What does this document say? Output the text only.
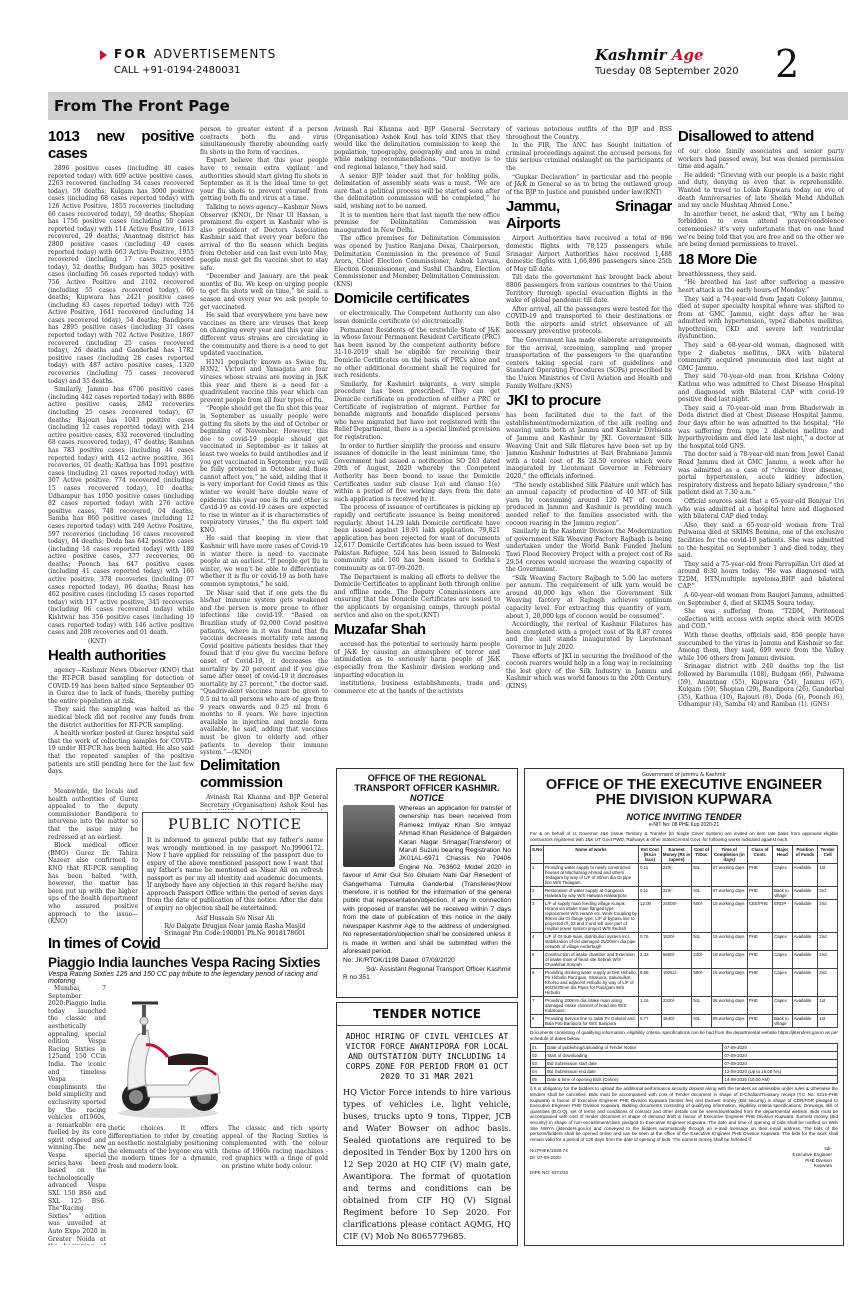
FOR ADVERTISEMENTS
CALL +91-0194-2480031
Kashmir Age
Tuesday 08 September 2020 2
From The Front Page
1013 new positive cases

2896 positive cases (including 40 cases reported today) with 609 active positive cases, 2263 recovered (including 34 cases recovered today), 59 deaths; Kulgam has 3000 positive cases (including 68 cases reported today) with 126 Active Positive, 1855 recoveries (including 66 cases recovered today), 59 deaths; Shopian has 1756 positive cases (including 50 cases reported today) with 114 Active Positive, 1613 recovered, 29 deaths; Anantnag district has 2800 positive cases (including 49 cases reported today) with 663 Active Positive, 1955 recovered (including 17 cases recovered today), 52 deaths; Budgam has 3025 positive cases (including 56 cases reported today) with 756 Active Positive and 2102 recovered (including 55 cases recovered today), 66 deaths; Kupwara has 2421 positive cases (including 83 cases reported today) with 726 Active Positive, 1641 recovered (including 14 cases recovered today), 54 deaths; Bandipora has 2895 positive cases (including 31 cases reported today) with 702 Active Positive, 1867 recovered (including 25 cases recovered today), 26 deaths and Ganderbal has 1782 positive cases (including 28 cases reported today) with 487 active positive cases, 1320 recoveries (including 75 cases recovered today) and 35 deaths.

Similarly, Jammu has 6706 positive cases (including 442 cases reported today) with 8886 active positive cases, 2842 recoveries (including 25 cases recovered today), 67 deaths; Rajouri has 1043 positive cases (including 12 cases reported today) with 214 active positive cases, 832 recovered (including 68 cases recovered today), 47 deaths; Ramban has 783 positive cases (including 44 cases reported today) with 412 active positive, 361 recoveries, 01 death; Kathua has 1091 positive cases (including 21 cases reported today) with 307 Active positive, 774 recovered (including 15 cases recovered today), 10 deaths; Udhampur has 1050 positive cases (including 82 cases reported today) with 276 active positive cases, 748 recovered, 04 deaths; Samba has 860 positive cases (including 12 cases reported today) with 249 Active Positive, 597 recoveries (including 16 cases recovered today), 04 deaths; Doda has 642 positive cases (including 18 cases reported today) with 189 active positive cases, 377 recoveries, 06 deaths; Poonch has 647 positive cases (including 41 cases reported today) with 166 active positive, 378 recoveries (including 07 cases reported today), 06 deaths; Reasi has 462 positive cases (including 15 cases reported today) with 117 active positive, 345 recoveries (including 06 cases recovered today) while Kishtwar has 356 positive cases (including 10 cases reported today) with 146 active positive cases and 208 recoveries and 01 death.

(KNT)

Health authorities

agency—Kashmir News Observer (KNO) that the RT-PCR based sampling for detection of COVID-19 has been halted since September 05 in Gurez due to lack of funds, thereby putting the entire population at risk.

They said the sampling was halted as the medical block did not receive any funds from the district authorities for RT-PCR sampling.

A health worker posted at Gurez hospital said that the work of collecting samples for COVID-19 under RT-PCR has been halted. He also said that the repeated samples of the positive patients are still pending here for the last few days.

Meanwhile, the locals and health authorities of Gurez appealed to the deputy commissioner Bandipora to intervene into the matter so that the issue may be redressed at an earliest.

Block medical officer (BMO) Gurez Dr. Tahira Nazeer also confirmed to KNO that RT-PCR sampling has been halted “with, however, the matter has been put up with the higher ups of the health department who assured positive approach to the issue—(KNO)

In times of Covid
PUBLIC NOTICE
It is informed to general public that my father’s name was wrongly mentioned in my passport No.J9906172. Now I have applied for reissuing of the passport due to expiry of the above mentioned passport now I want that my father’s name be mentioned as Nisar Ali on refresh passport as per my all identity and academic documents. If anybody have any objection in this regard he/she may approach Passport Office within the period of seven days from the date of publication of this notice. After the date of expiry no objection shall be entertained.
Asif Hussain S/o Nisar Ali
R/o Dalgate Drugjan Near jamia Rasha Masjid
Srinagar Pin Code:190001 Ph.No 9018178601

person to greater extent if a person contracts both flu and virus simultaneously thereby abounding early flu shots in the form of vaccines.

Expert believe that this year people have to remain extra vigilant and authorities should start giving flu shots in September as it is the ideal time to get your flu shots to prevent yourself from getting both flu and virus at a time.

Talking to news agency—Kashmir News Observer (KNO), Dr Nisar Ul Hassan, a prominent flu expert in Kashmir who is also president of Doctors Association Kashmir said that every year before the arrival of the flu season which begins from October and can last even into May, people must get flu vaccine shot to stay safe.

“December and January are the peak months of flu. We keep on urging people to get flu shots well on time,” he said. u season and every year we ask people to get vaccinated.

He said that everywhere you have new vaccines as there are viruses that keep on changing every year and this year also different virus strains are circulating in the community and there is a need to get updated vaccination.

H1N1 popularly known as Swine flu, H3N2, Victori and Yamagata are four viruses whose strains are moving in J&K this year and there is a need for a quadrivalent vaccine this year which can prevent people from all four types of flu.

“People should get the flu shot this year in September as usually people were getting flu shots by the end of October or beginning of November. However, this doe to covid-19 people should get vaccinated in September as it takes at least two weeks to build antibodies and if you get vaccinated in September, you will be fully protected in October and flues cannot affect you,” he said, adding that it is very important for Covid times as this winter we would have double wave of epidemic this year one is flu and other is Covid-19 as covid-19 cases are expected to rise in winter as it is characteristics of respiratory viruses,” the flu expert told KNO.

He said that keeping in view that Kashmir will have more cases of Covid-19 in winter there is need to vaccinate people at an earliest. “If people get flu in winter, we won’t be able to differentiate whether it is flu or covid-19 as both have common symptoms,” he said.

Dr Nisar said that if one gets the flu his/her immune system gets weakened and the person is more prone to other infections like covid-19. “Based on Brazilian study of 92,000 Covid positive patients, where in it was found that flu vaccine decreases mortality rate among Covid positive patients besides that they found that if you give flu vaccine before onset of Covid-19, it decreases the mortality by 20 percent and if you give same after onset of covid-19 it decreases mortality by 27 percent,” the doctor said. “Quadrivalent vaccines must be given to 0.5 ml to all persons who are of age from 9 years onwards and 0.25 ml from 6 months to 8 years. We have injection available in injection and nozzle form available, he said, adding that vaccines must be given to elderly and other patients to develop their immune system.”—(KNO)

Delimitation commission

Avinash Rai Khanna and BJP General Secretary (Organisation) Ashok Koul has

Avinash Rai Khanna and BJP General Secretary (Organisation) Ashok Koul has told KINS that they would like the delimitation commission to keep the population, topography, geography and area in mind while making recommendations. “Our motive is to end regional balance,” they had said.

A senior BJP leader said that for holding polls, delimitation of assembly seats was a must. “We are sure that a political process will be started soon after the delimitation commission will be completed,” he said, wishing not to be named.

It is to mention here that last month the new office premise for Delimitation Commission was inaugurated in New Delhi.

The office premises for Delimitation Commission was opened by Justice Ranjana Desai, Chairperson, Delimitation Commission in the presence of Sunil Arora, Chief Election Commissioner, Ashok Lavasa, Election Commissioner, and Sushil Chandra, Election Commissioner and Member, Delimitation Commission.(KNS)

Domicile certificates

or electronically. The Competent Authority can also issue domicile certificate (s) electronically.

Permanent Residents of the erstwhile State of J&K in whose favour Permanent Resident Certificate (PRC) has been issued by the competent authority before 31-10-2019 shall be eligible for receiving their Domicile Certificates on the basis of PRCs alone and no other additional document shall be required for such residents.

Similarly, for Kashmiri migrants, a very simple procedure has been prescribed. They can get Domicile certificate on production of either a PRC or Certificate of registration of migrant. Further for bonafide migrants and bonafide displaced persons who have migrated but have not registered with the Relief Department, there is a special limited provision for registration.

In order to further simplify the process and ensure issuance of domicile in the least minimum time, the Government had issued a notification SO 263 dated 20th of August, 2020 whereby the Competent Authority has been bound to issue the Domicile Certificates under sub clause 1(a) and clause 1(e) within a period of five working days from the date such application is received by it.

The process of issuance of certificates is picking up rapidly and certificate issuance is being monitored regularly. About 14.29 lakh Domicile certificate have been issued against 18.91 lakh application. 79,821 application has been rejected for want of documents 12,617 Domicile Certificates has been issued to West Pakistan Refugee, 524 has been issued to Balmeeki community and 160 has been issued to Gorkha’s community as on 07-09-2020.

The Department is making all efforts to deliver the Domicile Certificates to applicant both through online and offline mode. The Deputy Commissioners are ensuring that the Domicile Certificates are issued to the applicants by organising camps, through postal service and also on the spot.(KNT)

Muzafar Shah

accused has the potential to seriously harm people of J&K by causing an atmosphere of terror and intimidation as to seriously harm people of J&K especially from the Kashmir division working and imparting education in

institutions, business establishments, trade and commerce etc at the hands of the activists

of various notorious outfits of the BJP and RSS throughout the Country.

In the FIR, The ANC has Sought initiation of criminal proceedings against the accused persons for this serious criminal onslaught on the participants of the

“Gupkar Declaration” in particular and the people of J&K in General so as to bring the outlawed group of the BJP to Justice and punished under law.(KNT)

Jammu, Srinagar Airports

Airport Authorities have received a total of 896 domestic flights with 78,125 passengers while Srinagar Airport Authorities have received 1,488 domestic flights with 1,66,896 passengers since 25th of May till date.

Till date the government has brought back about 8806 passengers from various countries to the Union Territory through special evacuation flights in the wake of global pandemic till date.

After arrival, all the passengers were tested for the COVID-19 and transported to their destinations or both the airports amid strict observance of all necessary preventive protocols.

The Government has made elaborate arrangements for the arrival, screening, sampling and proper transportation of the passengers to the quarantine centers taking special care of guidelines and Standard Operating Procedures (SOPs) prescribed by the Union Ministries of Civil Aviation and Health and Family Welfare.(KNS)

JKI to procure

has been facilitated due to the fact of the establishment/modernization of the silk reeling and weaving units both at Jammu and Kashmir Divisions of Jammu and Kashmir by JKI. Government Silk Weaving Unit and Silk filatures have been set up by Jammu Kashmir Industries at Bari Brahmana Jammu with a total cost of Rs 28.50 crores which were inaugurated by Lieutenant Governor in February 2020,” the officials informed.

“The newly established Silk Filature unit which has an annual capacity of production of 40 MT of Silk yarn by consuming around 120 MT of cocoon produced in Jammu and Kashmir is providing much needed relief to the families associated with the cocoon rearing in the Jammu region”.

Similarly in the Kashmir Division the Modernization of government Silk Weaving Factory Rajbagh is being undertaken under the World Bank Funded Jhelum Tawi Flood Recovery Project with a project cost of Rs 29.54 crores would increase the weaving capacity of the Government.

“Silk Weaving Factory Rajbagh to 5.00 lac meters per annum. The requirement of silk yarn would be around 40,000 kgs when the Government Silk Weaving factory at Rajbagh achieves optimum capacity level. For extracting this quantity of yarn, about 1, 20,000 kgs of cocoon would be consumed”.

Accordingly, the revival of Kashmir Filatures has been completed with a project cost of Rs 8.87 crores and the unit stands inaugurated by Lieutenant Governor in July 2020.

These efforts of JKI in securing the livelihood of the cocoon rearers would help in a long way in reclaiming the lost glory of the Silk Industry in Jammu and Kashmir which was world famous in the 20th Century. (KINS)

Disallowed to attend

of our close family associates and senior party workers had passed away, but was denied permission time and again.”

He added: “Grieving with our people is a basic right and duty, denying us even that is reprehensible. Wanted to travel to Lolab Kupwara today on eve of death Anniversaries of late Sheikh Mohd Abdullah and my uncle Mushtaq Ahmed Lone.”

In another tweet, he asked that, “Why am I being forbidden to even attend prayer/condolence ceremonies? it’s very unfortunate that on one hand we’re being told that you are free and on the other we are being denied permissions to travel.

18 More Die

breathlessness, they said.

“He breathed his last after suffering a massive heart attack in the early hours of Monday.”

They said a 74-year-old from Jagati Colony Jammu, died at super specialty hospital where was shifted to from at GMC Jammu, eight days after he was admitted with hypertension, type2 diabetes mellitus, hypothroism, CKD and severe left ventricular dysfunction.

They said a 68-year-old woman, diagnosed with type 2 diabetes mellitus, DKA with bilateral community acquired pneumonia died last night at GMC Jammu.

They said 70-year-old man from Krishna Colony Kathua who was admitted to Chest Disease Hospital and diagnosed with Bilateral CAP with covid-19 positive died last night.

They said a 70-year-old man from Bhaderwah in Doda district died at Chest Disease Hospital Jammu, four days after he was admitted to the hospital. “He was suffering from type 2 diabetes mellitus and hyperthyroidism and died late last night,” a doctor at the hospital told GNS.

The doctor said a 78-year-old man from Jewel Canal Road Jammu died at GMC Jammu, a week after he was admitted as a case of “chronic liver disease, portal hypertension, acute kidney infection, respiratory distress and hepato biliary syndrome,” the patient died at 7.30 a.m.”

Official sources said that a 65-year-old Boniyar Uri who was admitted at a hospital here and diagnosed with bilateral CAP died today.

Also, they said a 65-year-old woman from Tral Pulwama died at SKIMS Bemina, one of the exclusive facilities for the covid-19 patients. She was admitted to the hospital on September 1 and died today, they said.

They said a 75-year-old from Parrapillan Uri died at around 8:30 hours today. “He was diagnosed with T2DM, HTN,multiple myeloma,BHP and bilateral CAP.”

A 60-year-old woman from Raujori Jammu, admitted on September 4, died at SKIMS Soura today.

She was suffering from “T2DM, Peritoneal collection with access with septic shock with MODS and COD.”

With these deaths, officials said, 856 people have succumbed to the virus in Jammu and Kashmir so far. Among them, they said, 699 were from the Valley while 106 others from Jammu division.

Srinagar district with 240 deaths top the list followed by Baramulla (108), Budgam (66), Pulwama (59), Anantnag (55), Kupwara (54), Jammu (67), Kulgam (59), Shopian (29), Bandipora (26), Ganderbal (35), Kathua (10), Rajouri (8), Doda (6), Poonch (6), Udhampur (4), Samba (4) and Ramban (1). (GNS)

Piaggio India launches Vespa Racing Sixties
Vespa Racing Sixties 125 and 150 CC pay tribute to the legendary period of racing and motoring

Mumbai, 7 September 2020:Piaggio India today launched the classic and aesthetically appealing, special edition Vespa Racing Sixties in 125and 150 CCin India. The iconic and timeless Vespa compliments the bold simplicity and exclusivity sported by the racing vehicles of1960s, a remarkable era fuelled by its core spirit ofspeed and winning.The new Vespa special series,have been based on the technologically advanced Vespa SXL 150 BS6 and SXL 125 BS6. The“Racing Sixties” edition was unveiled at Auto Expo 2020 in Greater Noida at

thetic choices. It offers differentiation to rider by creating an aesthetic nostalgiaby positioning the elements of the bygone era with the modern times for a dynamic, fresh and modern look.

The classic and rich sporty appeal of the Racing Sixties is complemented with the colour theme of 1960s racing machines - red graphics with a tinge of gold on pristine white body colour.

OFFICE OF THE REGIONAL
TRANSPORT OFFICER KASHMIR.
NOTICE
Whereas an application for transfer of ownership has been received from Rameez Imtiyaz Khan S/o Imtiyaz Ahmad Khan Residence of Balgarden Karan Nagar Srinagar(Transferor) of Maruti Suzuki bearing Registration No JK01AL-6971 Chassis No 79406 Engine No. 763602 Model 2020 in favour of Amir Gul S/o Ghulam Nabi Dar Resedent of Gangerhama Tulmulla Ganderbal (Transferee)Now therefore, it is notified for the information of the general public that representation/objection, if any in connection with proposed of transfer will be received within 7 days from the date of publication of this notice in the daily newspaper Kashmir Age to the address of undersigned. No representation/objection shall be considered unless it is made in written and shall be submitted within the aforesaid period.
No: JK/RTOK/1198 Dated: 07/09/2020
Sd/- Assistant Regional Transport Officer Kashmir
R no 351
TENDER NOTICE
ADHOC HIRING OF CIVIL VEHICLES AT VICTOR FORCE AWANTIPORA FOR LOCAL AND OUTSTATION DUTY INCLUDING 14 CORPS ZONE FOR PERIOD FROM 01 OCT 2020 TO 31 MAR 2021
HQ Victor Force intends to hire various types of vehicles i.e. light vehicle, buses, trucks upto 9 tons, Tipper, JCB and Water Bowser on adhoc basis. Sealed quotations are required to be deposited in Tender Box by 1200 hrs on 12 Sep 2020 at HQ CIF (V) main gate, Awantipora. The format of quotation and terms and conditions can be obtained from CIF HQ (V) Signal Regiment before 10 Sep 2020. For clarifications please contact AQMG, HQ CIF (V) Mob No 8065779685.
Government of Jammu & Kashmir
OFFICE OF THE EXECUTIVE ENGINEER
PHE DIVISION KUPWARA
NOTICE INVITING TENDER
e-NIT No: 08 PHE Kup 2020-21
For & on behalf of Lt Governor J&K (Issue Territory & Transfer (In Single Cover System) are invited on item rate basis from approved eligible contractors registered with J&K UT Govt PWD, Railways & other State/Central Govt. for following works indicated against each.
S.No	Name of works	Est Cost (Rs.in lacs)	Earnest Money (Rs in rupees)	Cost of T/Doc	Time of Completion (in days)	Class of Contr.	Major Head	Position of Funds	Tender Cell
1	Providing water supply to newly constructed houses at Machahrag Ahmad and others Tedagam by way of L/F of 20mm dia GI pipe line W/S Tedagam	0.11	220/-	NIL	07 working days	PHE	Capex	Available	1st
2	Restoration of water supply at Gangoora Halwara by way W/S Halwara Halwarpora	0.11	220/-	NIL	07 working days	PHE	Back to village	Available	3rd
3	L/F of supply main feeding village Kunjak Hirana via intake main flanged type replacement W/S Hirana etc. Work Coupling by 80mm dia GI flange type; L/F of bypass line to projected r/f_03 and 2 and left over part of Hajibal power system project W/S Sedrah	12.00	24000/-	600/-	15 working days	CEE/PHE	ERDP	Available	2nd
4	L/F of GI Sub-main, distribution system incl. stabilization of old damaged 25/20mm dia pipe network of village Anderbugh	0.76	1520/-	NIL	15 working days	PHE	Capex	Available	2nd
5	Construction of intake chamber and Extension of intake main of head site Sebrak W/S Chowkibal Sonpah	2.33	5660/-	240/-	18 working days	PHE	Capex	Available	2nd
6	Providing drinking water supply at Dist Hirbullo, Pir Hirbullo Panzgam, Shaluora, Salumulkot, Khorso and adjacent Hirbullo by way of L/F of 80/25/20mm dia Pipes for Panzgam W/S Hirbullo	9.56	19261/-	580/-	15 working days	PHE	Capex	Available	2nd
7	Providing 200mm dia intake main along damaged intake channel of head site W/S Kalarooss	1.16	2320/-	NIL	06 working days	PHE	Capex	Available	1st
8	Providing Service line to Jalali Pir Gulsanl and Bala Pati Banipora for W/S Banipora	0.77	1540/-	NIL	05 working days	PHE	Back to village	Available	1st
Documents consisting of qualifying information, eligibility criteria, specifications can be had from the departmental website https://jktenders.gov.in as per schedule of dates below.
01	Date of publishing/Uploading of Tender Notice	07-09-2020
02	Start of downloading	07-09-2020
03	Bid Submission start date	07-09-2020
04	Bid Submission end date	12-09-2020 (Up to 16.00 hrs)
05	Date & time of opening Bids (Online)	14-09-2020 (10.00 AM)
i) It is obligatory for the bidders to upload the additional performance security deposit along with the tenders as admissible under rules & otherwise the tenders shall be cancelled. Bids must be accompanied with cost of Tender document in shape of E-Challan/Treasury receipt (T.C No. 0215-PHE Kupwara) in favour of Executive Engineer PHE Division Kupwara (tender fee) and Earnest money (Bid security) in shape of CDR/FDR pledged to Executive Engineer PHE Division Kupwara. Bidding documents consisting of qualifying information, eligibility criteria specifications, Drawings, Bill of quantities (B.O.Q), set of terms and conditions of contract and other details can be seen/downloaded from the departmental website. Bids must be accompanied with cost of tender document in shape of demand draft in favour of Executive Engineer PHE Division Kupwara. Earnest money (Bid security) in shape of non-encashment/claim pledged to Executive Engineer Kupwara. The date and time of opening of bids shall be notified on Web Site NWYA (jktenders.gov.in) and conveyed to the bidders automatically through an e-mail message on their email address. The bids of the persons/bidders shall be opened online and can be seen at the office of the Executive Engineer PHE Division Kupwara. The bids for the work shall remain valid for a period of 120 days from the date of opening of bids. The earnest money shall be forfeited if:
No:PHEK/1638-74
Dt: 07-09-2020
DIPK NO: 5372/20
sd/-
Executive Engineer
PHE Division
Kupwara
